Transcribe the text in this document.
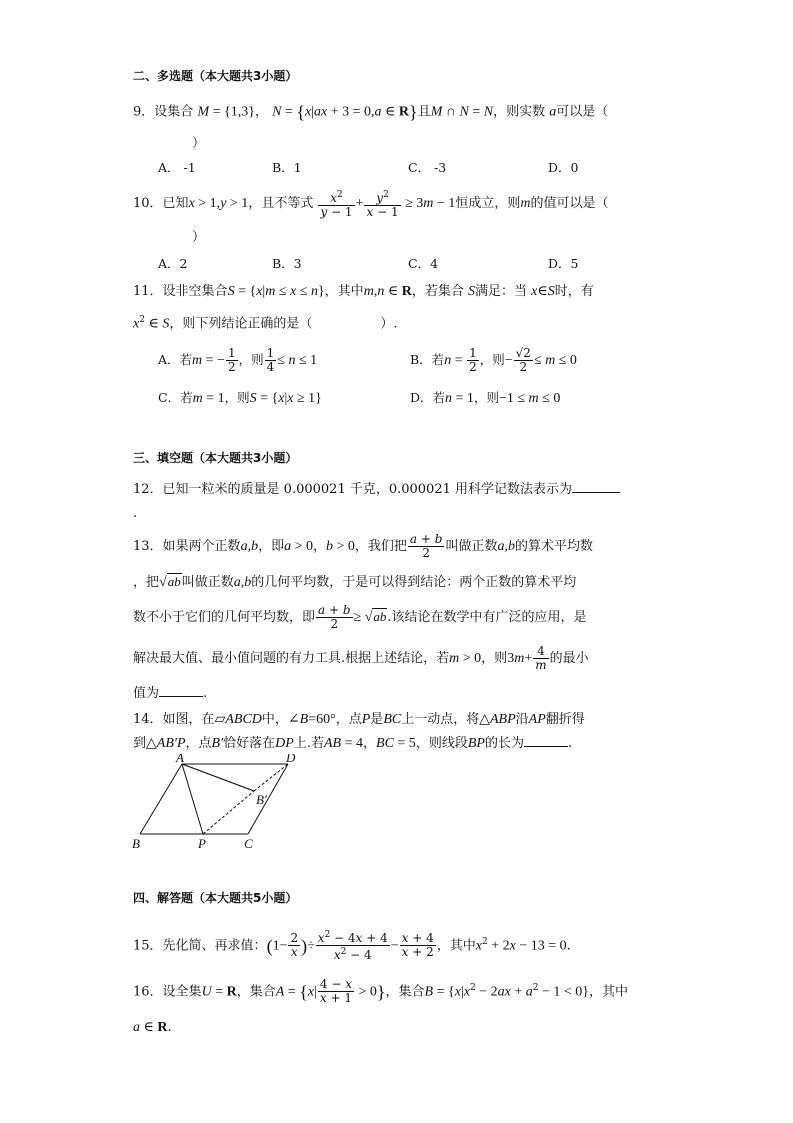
二、多选题（本大题共3小题）
9．设集合 M = {1,3}， N = {x|ax + 3 = 0,a ∈ R}且M ∩ N = N，则实数 a可以是（
）
A． -1	B．1	C． -3	D．0
10．已知x > 1,y > 1，且不等式 $\frac{x^2}{y - 1} + \frac{y^2}{x - 1} \ge 3m - 1$恒成立，则m的值可以是（
）
A．2	B．3	C．4	D．5
11．设非空集合S = {x|m ≤ x ≤ n}，其中m,n ∈ R，若集合 S满足：当 x∈S时，有
$x^2$ ∈ S，则下列结论正确的是（	）.
A．若m = − $\frac{1}{2}$ ，则 $\frac{1}{4} \le n \le 1$	B．若$n = \frac{1}{2}$ ，则− $\frac{√2}{2} \le m \le 0$
C．若m = 1，则S = {x|x ≥ 1}	D．若n = 1，则−1 ≤ m ≤ 0
三、填空题（本大题共3小题）
12．已知一粒米的质量是 0.000021 千克，0.000021 用科学记数法表示为
.
13．如果两个正数a,b，即a > 0，b > 0，我们把 $\frac{a + b}{2}$ 叫做正数a,b的算术平均数
，把√ab叫做正数a,b的几何平均数，于是可以得到结论：两个正数的算术平均
数不小于它们的几何平均数，即 $\frac{a + b}{2} \ge √ab$.该结论在数学中有广泛的应用，是
解决最大值、最小值问题的有力工具.根据上述结论，若m > 0，则$3m+ \frac{4}{m}$ 的最小
值为	.
14．如图，在▱ABCD中，∠B=60°，点P是BC上一动点，将△ABP沿AP翻折得
到△AB′P，点B′恰好落在DP上.若AB = 4，BC = 5，则线段BP的长为	.
A	D
B'
B	P	C
四、解答题（本大题共5小题）
15．先化简、再求值：($1- \frac{2}{x}$ )÷ $\frac{x^2 - 4x + 4}{x^2 - 4} - \frac{x + 4}{x + 2}$ ，其中$x^2 + 2x - 13 = 0$.
16．设全集U = R，集合$A = \{x| \frac{4 - x}{x + 1} > 0\}$，集合$B = \{x|x^2 - 2ax + a^2 - 1 < 0\}$，其中
a ∈ R.
